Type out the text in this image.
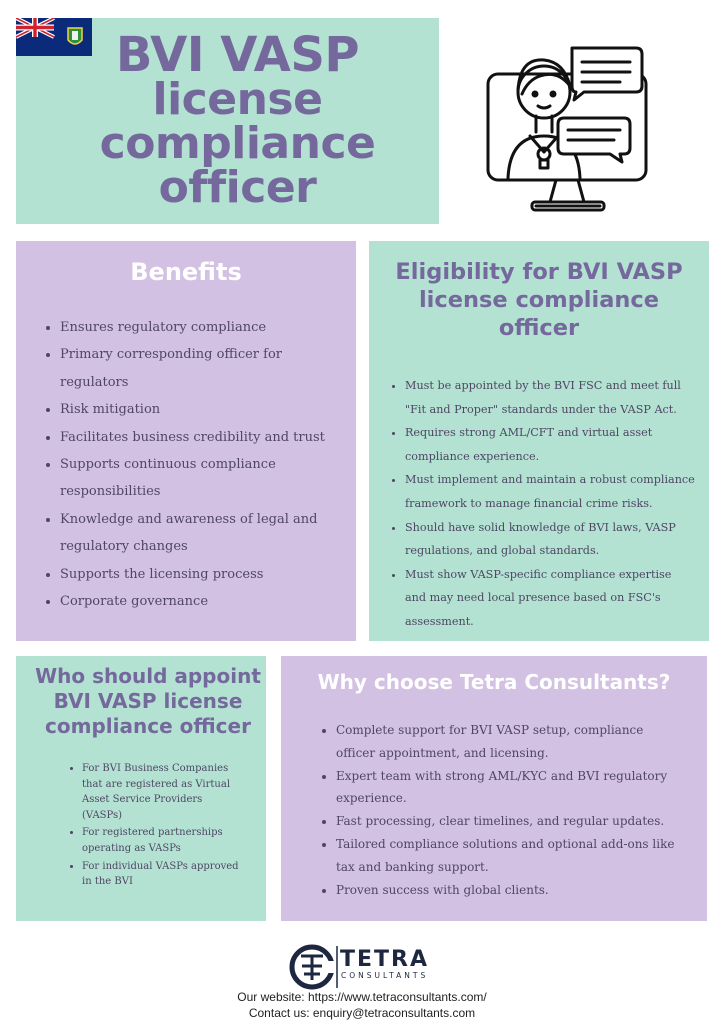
BVI VASP
license
compliance
officer
Benefits
• Ensures regulatory compliance
• Primary corresponding officer for regulators
• Risk mitigation
• Facilitates business credibility and trust
• Supports continuous compliance responsibilities
• Knowledge and awareness of legal and regulatory changes
• Supports the licensing process
• Corporate governance
Eligibility for BVI VASP license compliance officer
• Must be appointed by the BVI FSC and meet full "Fit and Proper" standards under the VASP Act.
• Requires strong AML/CFT and virtual asset compliance experience.
• Must implement and maintain a robust compliance framework to manage financial crime risks.
• Should have solid knowledge of BVI laws, VASP regulations, and global standards.
• Must show VASP-specific compliance expertise and may need local presence based on FSC's assessment.
Who should appoint BVI VASP license compliance officer
• For BVI Business Companies that are registered as Virtual Asset Service Providers (VASPs)
• For registered partnerships operating as VASPs
• For individual VASPs approved in the BVI
Why choose Tetra Consultants?
• Complete support for BVI VASP setup, compliance officer appointment, and licensing.
• Expert team with strong AML/KYC and BVI regulatory experience.
• Fast processing, clear timelines, and regular updates.
• Tailored compliance solutions and optional add-ons like tax and banking support.
• Proven success with global clients.
TETRA
CONSULTANTS
Our website: https://www.tetraconsultants.com/
Contact us: enquiry@tetraconsultants.com
